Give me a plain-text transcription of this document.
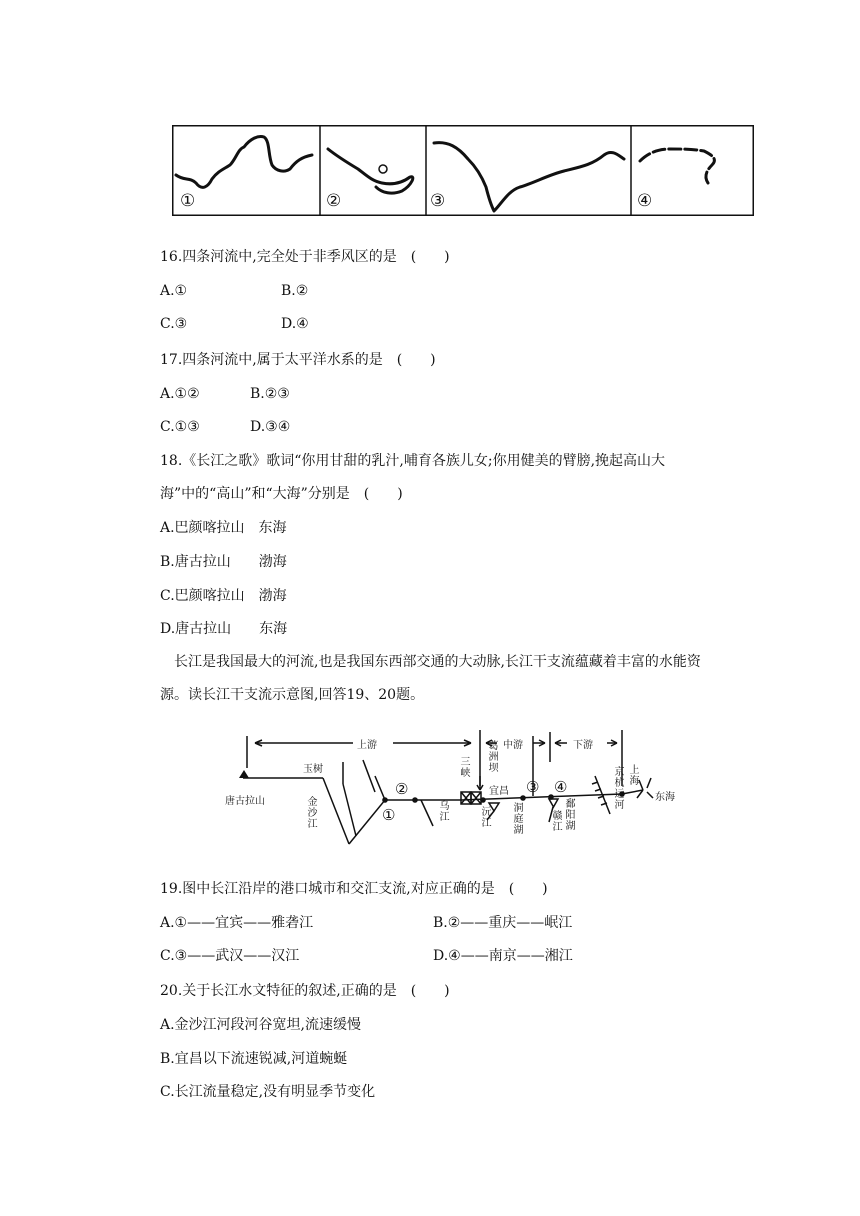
①	②	③	④
16.四条河流中,完全处于非季风区的是　(　　)
A.①	B.②
C.③	D.④
17.四条河流中,属于太平洋水系的是　(　　)
A.①②	B.②③
C.①③	D.③④
18.《长江之歌》歌词“你用甘甜的乳汁,哺育各族儿女;你用健美的臂膀,挽起高山大
海”中的“高山”和“大海”分别是　(　　)
A.巴颜喀拉山　东海
B.唐古拉山　　渤海
C.巴颜喀拉山　渤海
D.唐古拉山　　东海
长江是我国最大的河流,也是我国东西部交通的大动脉,长江干支流蕴藏着丰富的水能资源。读长江干支流示意图,回答19、20题。
上游	中游	下游
唐古拉山
玉树
金沙江	乌江
三峡 葛洲坝
宜昌
沅江 洞庭湖	赣江 鄱阳湖
京杭运河 上海
东海
①
②	③ ④
19.图中长江沿岸的港口城市和交汇支流,对应正确的是　(　　)
A.①——宜宾——雅砻江	B.②——重庆——岷江
C.③——武汉——汉江	D.④——南京——湘江
20.关于长江水文特征的叙述,正确的是　(　　)
A.金沙江河段河谷宽坦,流速缓慢
B.宜昌以下流速锐减,河道蜿蜒
C.长江流量稳定,没有明显季节变化
